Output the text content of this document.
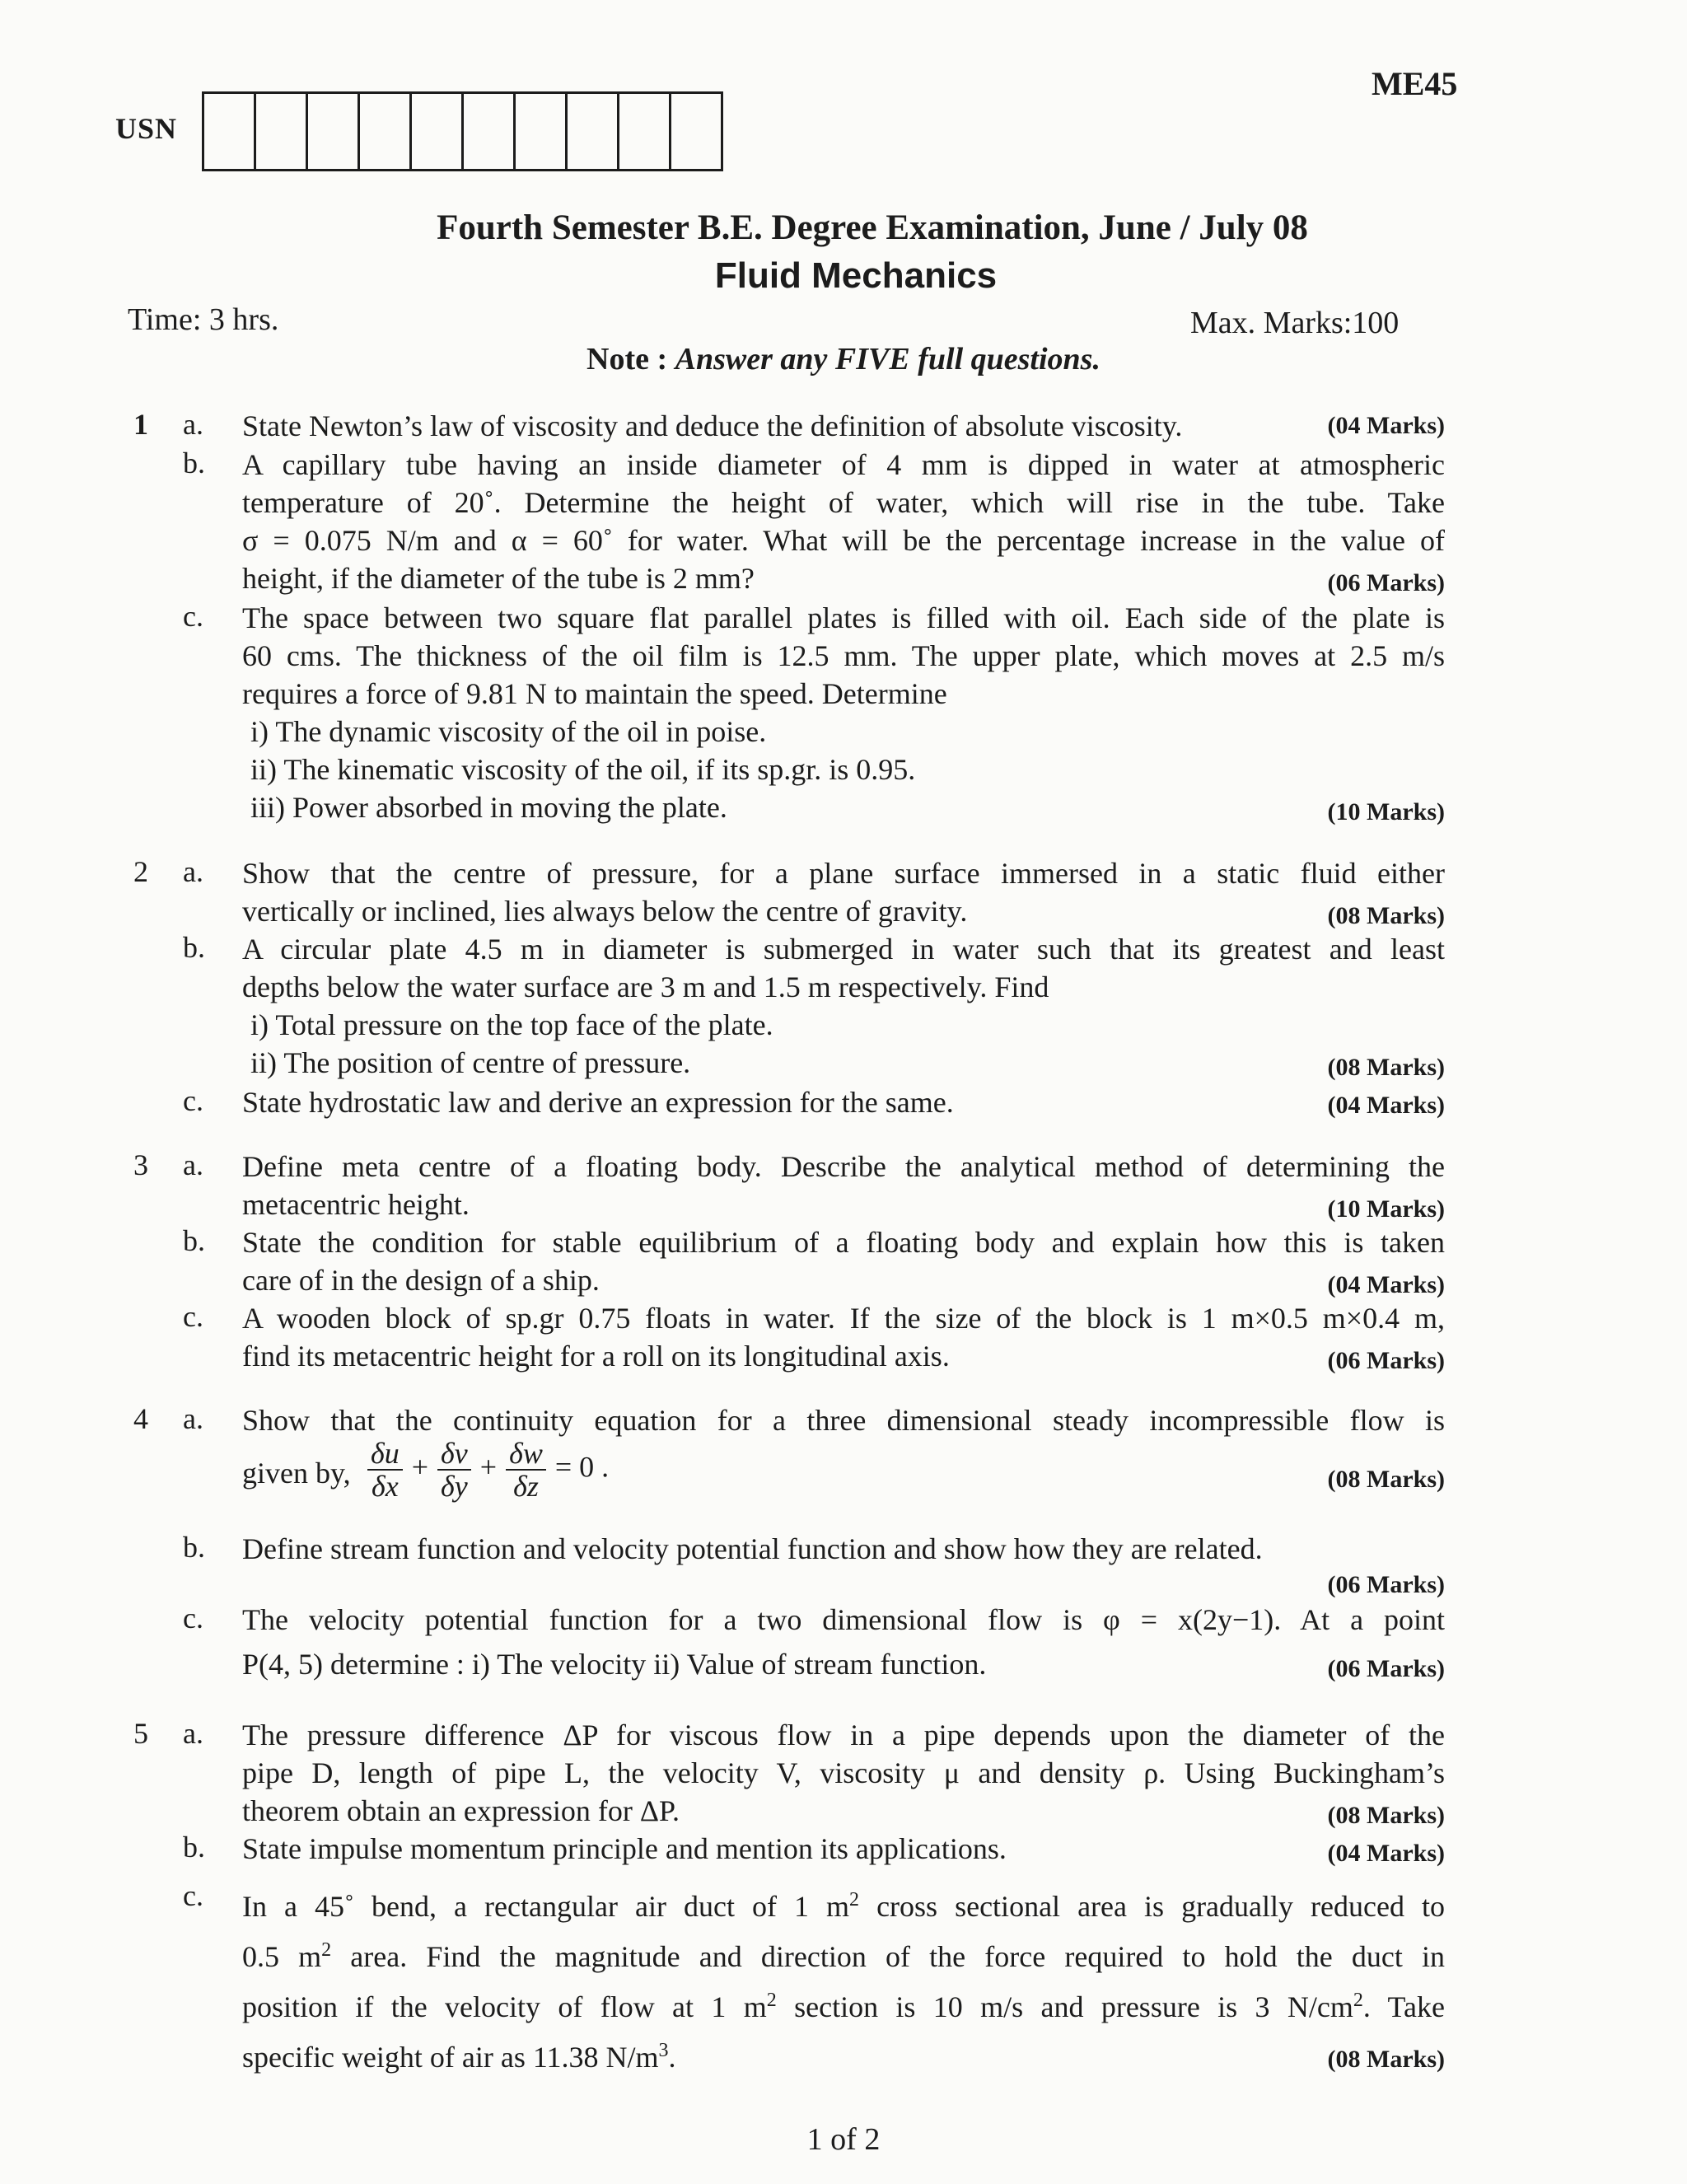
USN
ME45
Fourth Semester B.E. Degree Examination, June / July 08
Fluid Mechanics
Time: 3 hrs.	Max. Marks:100
Note : Answer any FIVE full questions.
1 a. State Newton’s law of viscosity and deduce the definition of absolute viscosity.	(04 Marks)
b. A capillary tube having an inside diameter of 4 mm is dipped in water at atmospheric
temperature of 20˚. Determine the height of water, which will rise in the tube. Take
σ = 0.075 N/m and α = 60˚ for water. What will be the percentage increase in the value of
height, if the diameter of the tube is 2 mm?	(06 Marks)
c. The space between two square flat parallel plates is filled with oil. Each side of the plate is
60 cms. The thickness of the oil film is 12.5 mm. The upper plate, which moves at 2.5 m/s
requires a force of 9.81 N to maintain the speed. Determine
i) The dynamic viscosity of the oil in poise.
ii) The kinematic viscosity of the oil, if its sp.gr. is 0.95.
iii) Power absorbed in moving the plate.	(10 Marks)
2 a. Show that the centre of pressure, for a plane surface immersed in a static fluid either
vertically or inclined, lies always below the centre of gravity.	(08 Marks)
b. A circular plate 4.5 m in diameter is submerged in water such that its greatest and least
depths below the water surface are 3 m and 1.5 m respectively. Find
i) Total pressure on the top face of the plate.
ii) The position of centre of pressure.	(08 Marks)
c. State hydrostatic law and derive an expression for the same.	(04 Marks)
3 a. Define meta centre of a floating body. Describe the analytical method of determining the
metacentric height.	(10 Marks)
b. State the condition for stable equilibrium of a floating body and explain how this is taken
care of in the design of a ship.	(04 Marks)
c. A wooden block of sp.gr 0.75 floats in water. If the size of the block is 1 m×0.5 m×0.4 m,
find its metacentric height for a roll on its longitudinal axis.	(06 Marks)
4 a. Show that the continuity equation for a three dimensional steady incompressible flow is
given by, $\frac{\delta u}{\delta x} + \frac{\delta v}{\delta y} + \frac{\delta w}{\delta z} = 0$ .	(08 Marks)
b. Define stream function and velocity potential function and show how they are related.
(06 Marks)
c. The velocity potential function for a two dimensional flow is φ = x(2y−1). At a point
P(4, 5) determine : i) The velocity ii) Value of stream function.	(06 Marks)
5 a. The pressure difference ΔP for viscous flow in a pipe depends upon the diameter of the
pipe D, length of pipe L, the velocity V, viscosity μ and density ρ. Using Buckingham’s
theorem obtain an expression for ΔP.	(08 Marks)
b. State impulse momentum principle and mention its applications.	(04 Marks)
c. In a 45˚ bend, a rectangular air duct of 1 $m^2$ cross sectional area is gradually reduced to
0.5 $m^2$ area. Find the magnitude and direction of the force required to hold the duct in
position if the velocity of flow at 1 $m^2$ section is 10 m/s and pressure is 3 $N/cm^2$. Take
specific weight of air as 11.38 $N/m^3$.	(08 Marks)
1 of 2
